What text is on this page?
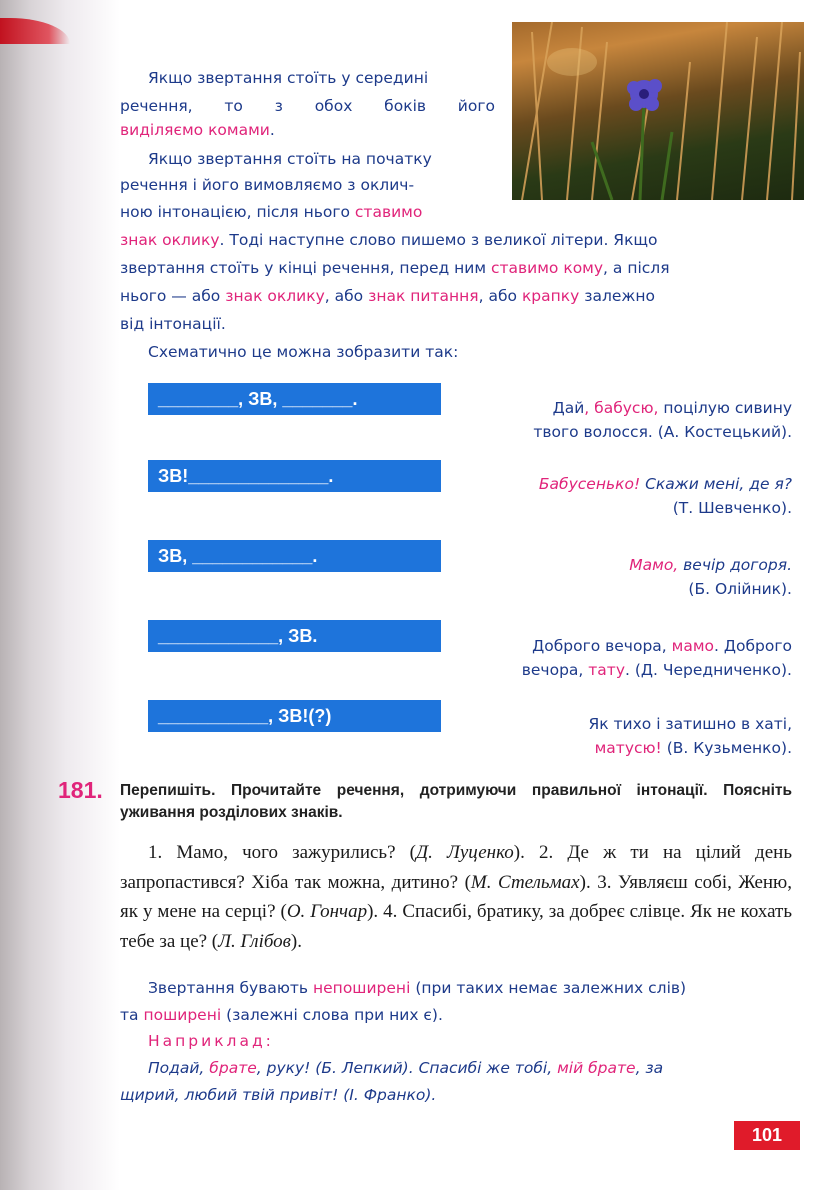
Якщо звертання стоїть у середині
речення, то з обох боків його
виділяємо комами.
Якщо звертання стоїть на початку
речення і його вимовляємо з оклич-
ною інтонацією, після нього ставимо
знак оклику. Тоді наступне слово пишемо з великої літери. Якщо
звертання стоїть у кінці речення, перед ним ставимо кому, а після
нього — або знак оклику, або знак питання, або крапку залежно
від інтонації.
Схематично це можна зобразити так:
________, ЗВ, _______.
ЗВ!______________.
ЗВ, ____________.
____________, ЗВ.
___________, ЗВ!(?)
Дай, бабусю, поцілую сивину
твого волосся. (А. Костецький).
Бабусенько! Скажи мені, де я?
(Т. Шевченко).
Мамо, вечір догоря.
(Б. Олійник).
Доброго вечора, мамо. Доброго
вечора, тату. (Д. Чередниченко).
Як тихо і затишно в хаті,
матусю! (В. Кузьменко).
181. Перепишіть. Прочитайте речення, дотримуючи правильної інтонації. Поясніть уживання розділових знаків.
1. Мамо, чого зажурились? (Д. Луценко). 2. Де ж ти на цілий день запропастився? Хіба так можна, дитино? (М. Стельмах). 3. Уявляєш собі, Женю, як у мене на серці? (О. Гончар). 4. Спасибі, братику, за добреє слівце. Як не кохать тебе за це? (Л. Глібов).
Звертання бувають непоширені (при таких немає залежних слів)
та поширені (залежні слова при них є).
Наприклад:
Подай, брате, руку! (Б. Лепкий). Спасибі же тобі, мій брате, за
щирий, любий твій привіт! (І. Франко).
101
